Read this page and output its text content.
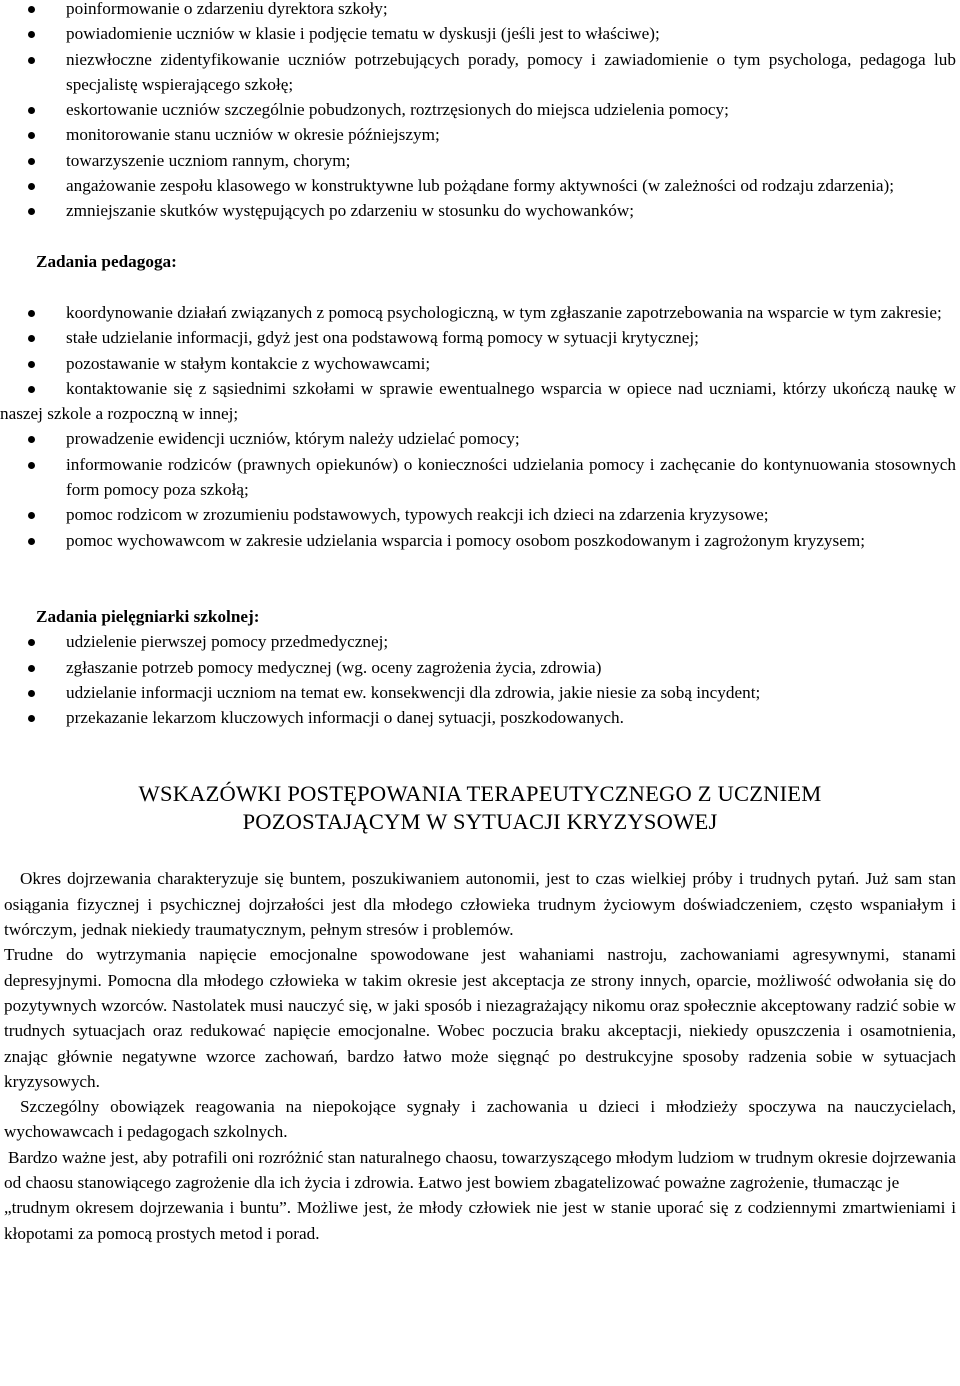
poinformowanie o zdarzeniu dyrektora szkoły;
powiadomienie uczniów w klasie i podjęcie tematu w dyskusji (jeśli jest to właściwe);
niezwłoczne zidentyfikowanie uczniów potrzebujących porady, pomocy i zawiadomienie o tym psychologa, pedagoga lub specjalistę wspierającego szkołę;
eskortowanie uczniów szczególnie pobudzonych, roztrzęsionych do miejsca udzielenia pomocy;
monitorowanie stanu uczniów w okresie późniejszym;
towarzyszenie uczniom rannym, chorym;
angażowanie zespołu klasowego w konstruktywne lub pożądane formy aktywności (w zależności od rodzaju zdarzenia);
zmniejszanie skutków występujących po zdarzeniu w stosunku do wychowanków;

Zadania pedagoga:

koordynowanie działań związanych z pomocą psychologiczną, w tym zgłaszanie zapotrzebowania na wsparcie w tym zakresie;
stałe udzielanie informacji, gdyż jest ona podstawową formą pomocy w sytuacji krytycznej;
pozostawanie w stałym kontakcie z wychowawcami;
kontaktowanie się z sąsiednimi szkołami w sprawie ewentualnego wsparcia w opiece nad uczniami, którzy ukończą naukę w naszej szkole a rozpoczną w innej;
prowadzenie ewidencji uczniów, którym należy udzielać pomocy;
informowanie rodziców (prawnych opiekunów) o konieczności udzielania pomocy i zachęcanie do kontynuowania stosownych form pomocy poza szkołą;
pomoc rodzicom w zrozumieniu podstawowych, typowych reakcji ich dzieci na zdarzenia kryzysowe;
pomoc wychowawcom w zakresie udzielania wsparcia i pomocy osobom poszkodowanym i zagrożonym kryzysem;

Zadania pielęgniarki szkolnej:

udzielenie pierwszej pomocy przedmedycznej;
zgłaszanie potrzeb pomocy medycznej (wg. oceny zagrożenia życia, zdrowia)
udzielanie informacji uczniom na temat ew. konsekwencji dla zdrowia, jakie niesie za sobą incydent;
przekazanie lekarzom kluczowych informacji o danej sytuacji, poszkodowanych.

WSKAZÓWKI POSTĘPOWANIA TERAPEUTYCZNEGO Z UCZNIEM

POZOSTAJĄCYM W SYTUACJI KRYZYSOWEJ

Okres dojrzewania charakteryzuje się buntem, poszukiwaniem autonomii, jest to czas wielkiej próby i trudnych pytań. Już sam stan osiągania fizycznej i psychicznej dojrzałości jest dla młodego człowieka trudnym życiowym doświadczeniem, często wspaniałym i twórczym, jednak niekiedy traumatycznym, pełnym stresów i problemów.

Trudne do wytrzymania napięcie emocjonalne spowodowane jest wahaniami nastroju, zachowaniami agresywnymi, stanami depresyjnymi. Pomocna dla młodego człowieka w takim okresie jest akceptacja ze strony innych, oparcie, możliwość odwołania się do pozytywnych wzorców. Nastolatek musi nauczyć się, w jaki sposób i niezagrażający nikomu oraz społecznie akceptowany radzić sobie w trudnych sytuacjach oraz redukować napięcie emocjonalne. Wobec poczucia braku akceptacji, niekiedy opuszczenia i osamotnienia, znając głównie negatywne wzorce zachowań, bardzo łatwo może sięgnąć po destrukcyjne sposoby radzenia sobie w sytuacjach kryzysowych.

Szczególny obowiązek reagowania na niepokojące sygnały i zachowania u dzieci i młodzieży spoczywa na nauczycielach, wychowawcach i pedagogach szkolnych.

Bardzo ważne jest, aby potrafili oni rozróżnić stan naturalnego chaosu, towarzyszącego młodym ludziom w trudnym okresie dojrzewania od chaosu stanowiącego zagrożenie dla ich życia i zdrowia. Łatwo jest bowiem zbagatelizować poważne zagrożenie, tłumacząc je

„trudnym okresem dojrzewania i buntu”. Możliwe jest, że młody człowiek nie jest w stanie uporać się z codziennymi zmartwieniami i kłopotami za pomocą prostych metod i porad.
